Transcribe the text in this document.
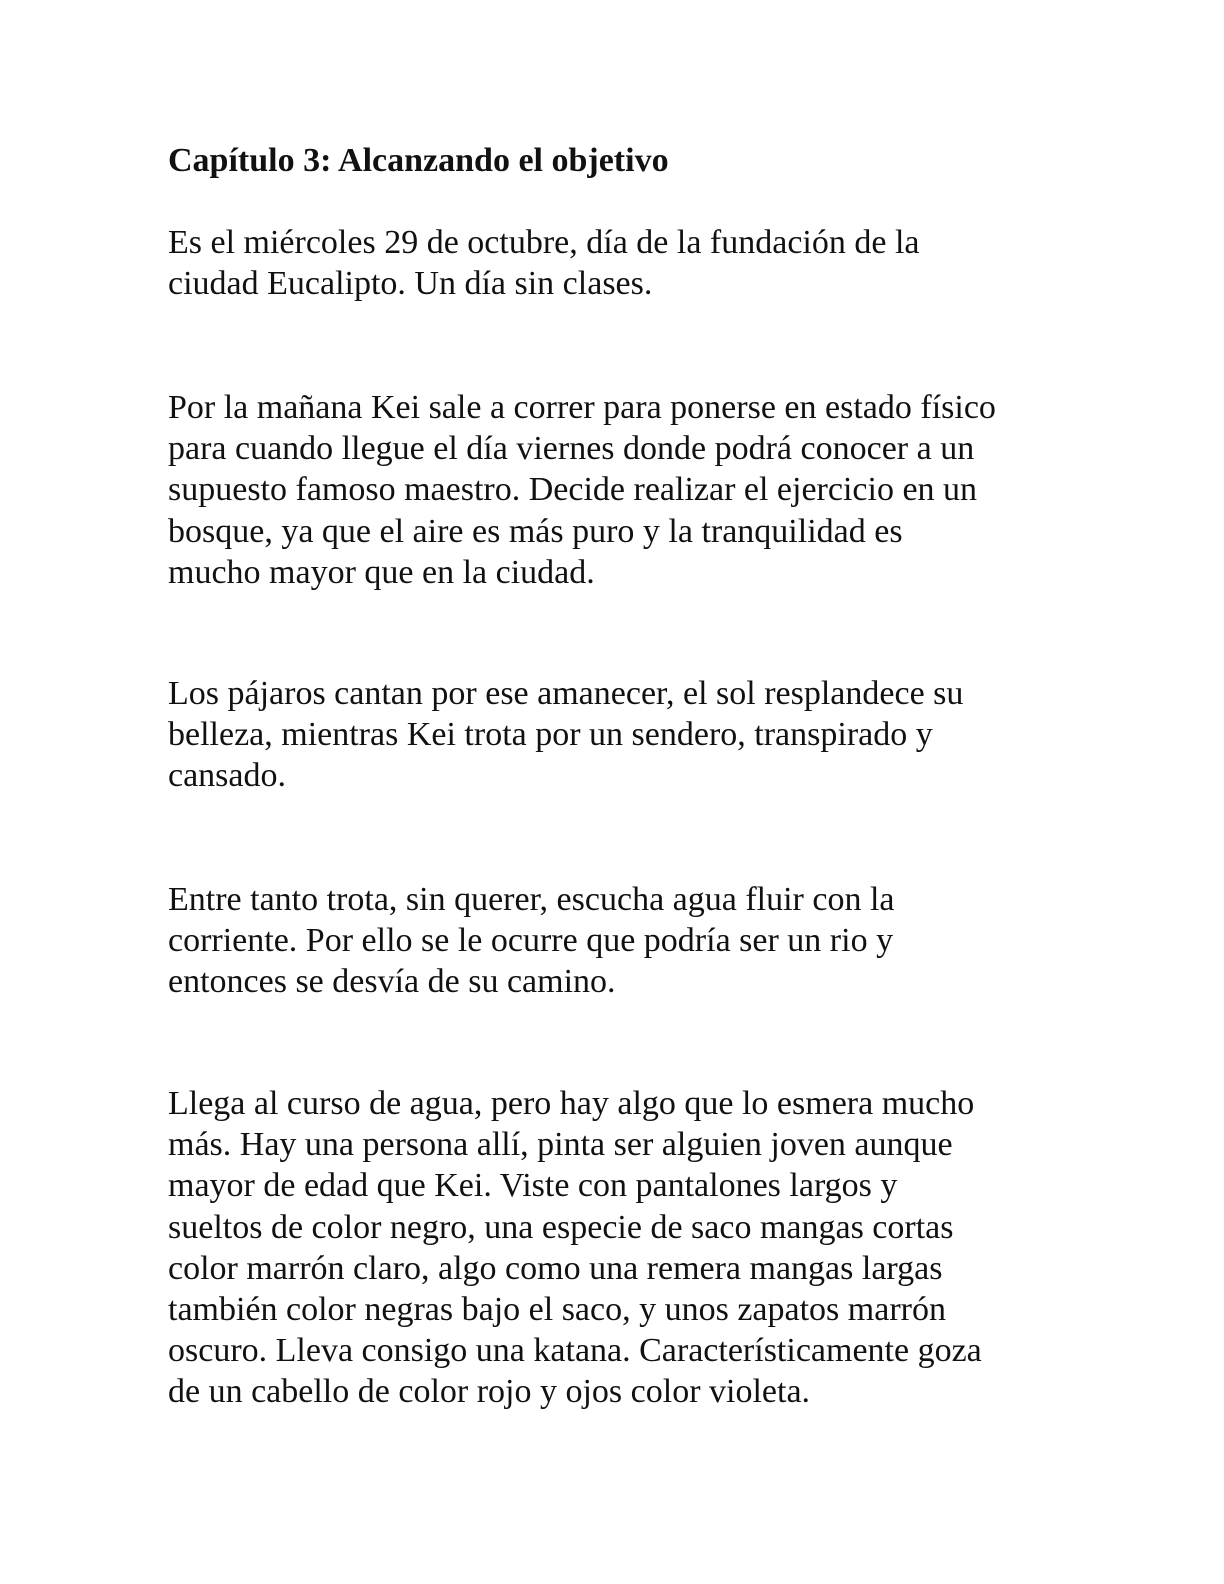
Capítulo 3: Alcanzando el objetivo

Es el miércoles 29 de octubre, día de la fundación de la
ciudad Eucalipto. Un día sin clases.

Por la mañana Kei sale a correr para ponerse en estado físico
para cuando llegue el día viernes donde podrá conocer a un
supuesto famoso maestro. Decide realizar el ejercicio en un
bosque, ya que el aire es más puro y la tranquilidad es
mucho mayor que en la ciudad.

Los pájaros cantan por ese amanecer, el sol resplandece su
belleza, mientras Kei trota por un sendero, transpirado y
cansado.

Entre tanto trota, sin querer, escucha agua fluir con la
corriente. Por ello se le ocurre que podría ser un rio y
entonces se desvía de su camino.

Llega al curso de agua, pero hay algo que lo esmera mucho
más. Hay una persona allí, pinta ser alguien joven aunque
mayor de edad que Kei. Viste con pantalones largos y
sueltos de color negro, una especie de saco mangas cortas
color marrón claro, algo como una remera mangas largas
también color negras bajo el saco, y unos zapatos marrón
oscuro. Lleva consigo una katana. Característicamente goza
de un cabello de color rojo y ojos color violeta.
